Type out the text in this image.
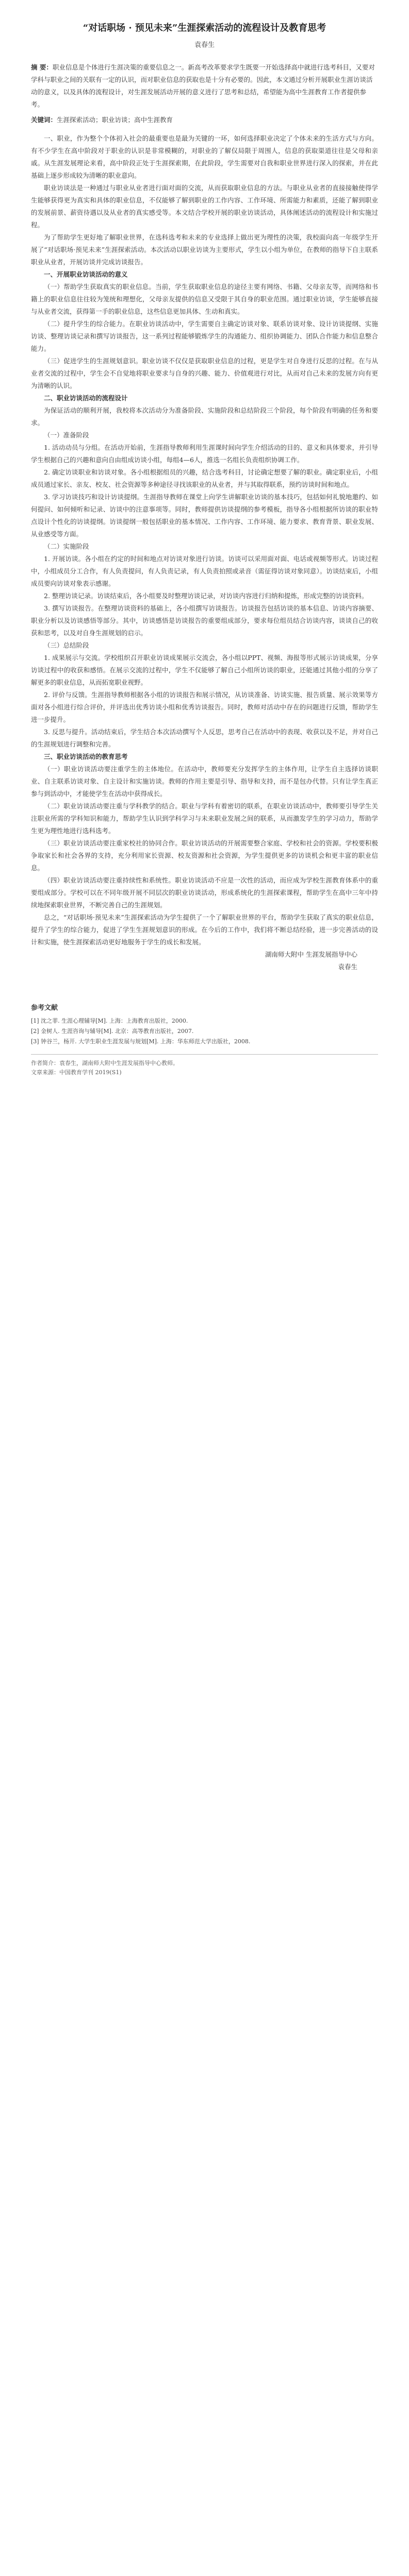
“对话职场 · 预见未来”生涯探索活动的流程设计及教育思考
袁春生
摘 要：职业信息是个体进行生涯决策的重要信息之一。新高考改革要求学生既要一开始选择高中就进行选考科目，又要对学科与职业之间的关联有一定的认识，而对职业信息的获取也是十分有必要的。因此，本文通过分析开展职业生涯访谈活动的意义，以及具体的流程设计，对生涯发展活动开展的意义进行了思考和总结，希望能为高中生涯教育工作者提供参考。
关键词：生涯探索活动；职业访谈；高中生涯教育
一、职业，作为整个个体初入社会的最重要也是最为关键的一环，如何选择职业决定了个体未来的生活方式与方向。有不少学生在高中阶段对于职业的认识是非常模糊的，对职业的了解仅局限于周围人，信息的获取渠道往往是父母和亲戚。从生涯发展理论来看，高中阶段正处于生涯探索期，在此阶段，学生需要对自我和职业世界进行深入的探索，并在此基础上逐步形成较为清晰的职业意向。
职业访谈法是一种通过与职业从业者进行面对面的交流，从而获取职业信息的方法。与职业从业者的直接接触使得学生能够获得更为真实和具体的职业信息，不仅能够了解到职业的工作内容、工作环境、所需能力和素质，还能了解到职业的发展前景、薪资待遇以及从业者的真实感受等。本文结合学校开展的职业访谈活动，具体阐述活动的流程设计和实施过程。
为了帮助学生更好地了解职业世界，在选科选考和未来的专业选择上做出更为理性的决策，我校面向高一年级学生开展了“对话职场·预见未来”生涯探索活动。本次活动以职业访谈为主要形式，学生以小组为单位，在教师的指导下自主联系职业从业者，开展访谈并完成访谈报告。
一、开展职业访谈活动的意义
（一）帮助学生获取真实的职业信息。当前，学生获取职业信息的途径主要有网络、书籍、父母亲友等，而网络和书籍上的职业信息往往较为笼统和理想化，父母亲友提供的信息又受限于其自身的职业范围。通过职业访谈，学生能够直接与从业者交流，获得第一手的职业信息，这些信息更加具体、生动和真实。
（二）提升学生的综合能力。在职业访谈活动中，学生需要自主确定访谈对象、联系访谈对象、设计访谈提纲、实施访谈、整理访谈记录和撰写访谈报告，这一系列过程能够锻炼学生的沟通能力、组织协调能力、团队合作能力和信息整合能力。
（三）促进学生的生涯规划意识。职业访谈不仅仅是获取职业信息的过程，更是学生对自身进行反思的过程。在与从业者交流的过程中，学生会不自觉地将职业要求与自身的兴趣、能力、价值观进行对比，从而对自己未来的发展方向有更为清晰的认识。
二、职业访谈活动的流程设计
为保证活动的顺利开展，我校将本次活动分为准备阶段、实施阶段和总结阶段三个阶段，每个阶段有明确的任务和要求。
（一）准备阶段
1. 活动动员与分组。在活动开始前，生涯指导教师利用生涯课时间向学生介绍活动的目的、意义和具体要求，并引导学生根据自己的兴趣和意向自由组成访谈小组，每组4—6人，推选一名组长负责组织协调工作。
2. 确定访谈职业和访谈对象。各小组根据组员的兴趣，结合选考科目，讨论确定想要了解的职业。确定职业后，小组成员通过家长、亲友、校友、社会资源等多种途径寻找该职业的从业者，并与其取得联系，预约访谈时间和地点。
3. 学习访谈技巧和设计访谈提纲。生涯指导教师在课堂上向学生讲解职业访谈的基本技巧，包括如何礼貌地邀约、如何提问、如何倾听和记录、访谈中的注意事项等。同时，教师提供访谈提纲的参考模板，指导各小组根据所访谈的职业特点设计个性化的访谈提纲。访谈提纲一般包括职业的基本情况、工作内容、工作环境、能力要求、教育背景、职业发展、从业感受等方面。
（二）实施阶段
1. 开展访谈。各小组在约定的时间和地点对访谈对象进行访谈。访谈可以采用面对面、电话或视频等形式。访谈过程中，小组成员分工合作，有人负责提问，有人负责记录，有人负责拍照或录音（需征得访谈对象同意）。访谈结束后，小组成员要向访谈对象表示感谢。
2. 整理访谈记录。访谈结束后，各小组要及时整理访谈记录，对访谈内容进行归纳和提炼，形成完整的访谈资料。
3. 撰写访谈报告。在整理访谈资料的基础上，各小组撰写访谈报告。访谈报告包括访谈的基本信息、访谈内容摘要、职业分析以及访谈感悟等部分。其中，访谈感悟是访谈报告的重要组成部分，要求每位组员结合访谈内容，谈谈自己的收获和思考，以及对自身生涯规划的启示。
（三）总结阶段
1. 成果展示与交流。学校组织召开职业访谈成果展示交流会，各小组以PPT、视频、海报等形式展示访谈成果，分享访谈过程中的收获和感悟。在展示交流的过程中，学生不仅能够了解自己小组所访谈的职业，还能通过其他小组的分享了解更多的职业信息，从而拓宽职业视野。
2. 评价与反馈。生涯指导教师根据各小组的访谈报告和展示情况，从访谈准备、访谈实施、报告质量、展示效果等方面对各小组进行综合评价，并评选出优秀访谈小组和优秀访谈报告。同时，教师对活动中存在的问题进行反馈，帮助学生进一步提升。
3. 反思与提升。活动结束后，学生结合本次活动撰写个人反思，思考自己在活动中的表现、收获以及不足，并对自己的生涯规划进行调整和完善。
三、职业访谈活动的教育思考
（一）职业访谈活动要注重学生的主体地位。在活动中，教师要充分发挥学生的主体作用，让学生自主选择访谈职业、自主联系访谈对象、自主设计和实施访谈。教师的作用主要是引导、指导和支持，而不是包办代替。只有让学生真正参与到活动中，才能使学生在活动中获得成长。
（二）职业访谈活动要注重与学科教学的结合。职业与学科有着密切的联系，在职业访谈活动中，教师要引导学生关注职业所需的学科知识和能力，帮助学生认识到学科学习与未来职业发展之间的联系，从而激发学生的学习动力，帮助学生更为理性地进行选科选考。
（三）职业访谈活动要注重家校社的协同合作。职业访谈活动的开展需要整合家庭、学校和社会的资源。学校要积极争取家长和社会各界的支持，充分利用家长资源、校友资源和社会资源，为学生提供更多的访谈机会和更丰富的职业信息。
（四）职业访谈活动要注重持续性和系统性。职业访谈活动不应是一次性的活动，而应成为学校生涯教育体系中的重要组成部分。学校可以在不同年级开展不同层次的职业访谈活动，形成系统化的生涯探索课程，帮助学生在高中三年中持续地探索职业世界，不断完善自己的生涯规划。
总之，“对话职场·预见未来”生涯探索活动为学生提供了一个了解职业世界的平台，帮助学生获取了真实的职业信息，提升了学生的综合能力，促进了学生生涯规划意识的形成。在今后的工作中，我们将不断总结经验，进一步完善活动的设计和实施，使生涯探索活动更好地服务于学生的成长和发展。
湖南师大附中 生涯发展指导中心
袁春生
参考文献
[1] 沈之菲. 生涯心理辅导[M]. 上海：上海教育出版社，2000.
[2] 金树人. 生涯咨询与辅导[M]. 北京：高等教育出版社，2007.
[3] 钟谷兰，杨开. 大学生职业生涯发展与规划[M]. 上海：华东师范大学出版社，2008.
作者简介：袁春生，湖南师大附中生涯发展指导中心教师。
文章来源：中国教育学刊 2019(S1)
